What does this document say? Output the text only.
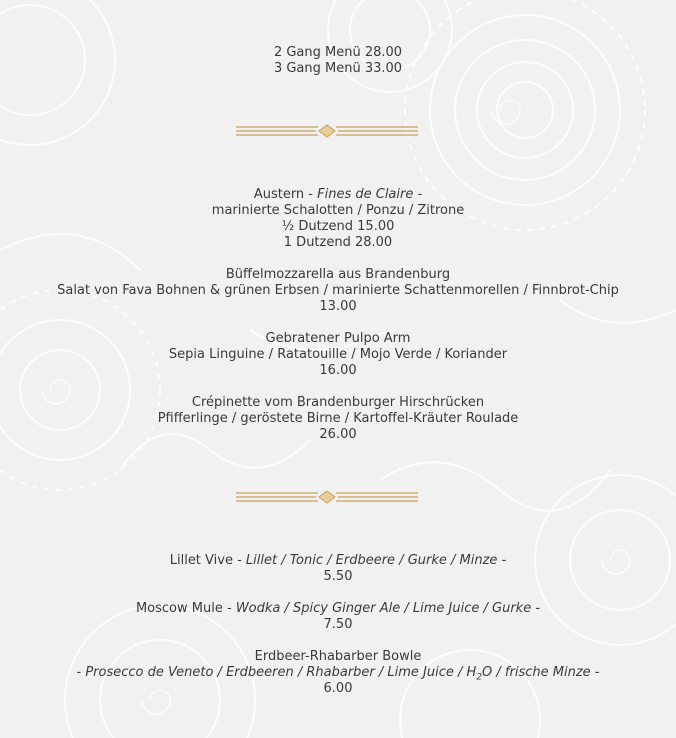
2 Gang Menü 28.00
3 Gang Menü 33.00
Austern - Fines de Claire -
marinierte Schalotten / Ponzu / Zitrone
½ Dutzend 15.00
1 Dutzend 28.00
Büffelmozzarella aus Brandenburg
Salat von Fava Bohnen & grünen Erbsen / marinierte Schattenmorellen / Finnbrot-Chip
13.00
Gebratener Pulpo Arm
Sepia Linguine / Ratatouille / Mojo Verde / Koriander
16.00
Crépinette vom Brandenburger Hirschrücken
Pfifferlinge / geröstete Birne / Kartoffel-Kräuter Roulade
26.00
Lillet Vive - Lillet / Tonic / Erdbeere / Gurke / Minze -
5.50
Moscow Mule - Wodka / Spicy Ginger Ale / Lime Juice / Gurke -
7.50
Erdbeer-Rhabarber Bowle
- Prosecco de Veneto / Erdbeeren / Rhabarber / Lime Juice / $H_2O$ / frische Minze -
6.00
